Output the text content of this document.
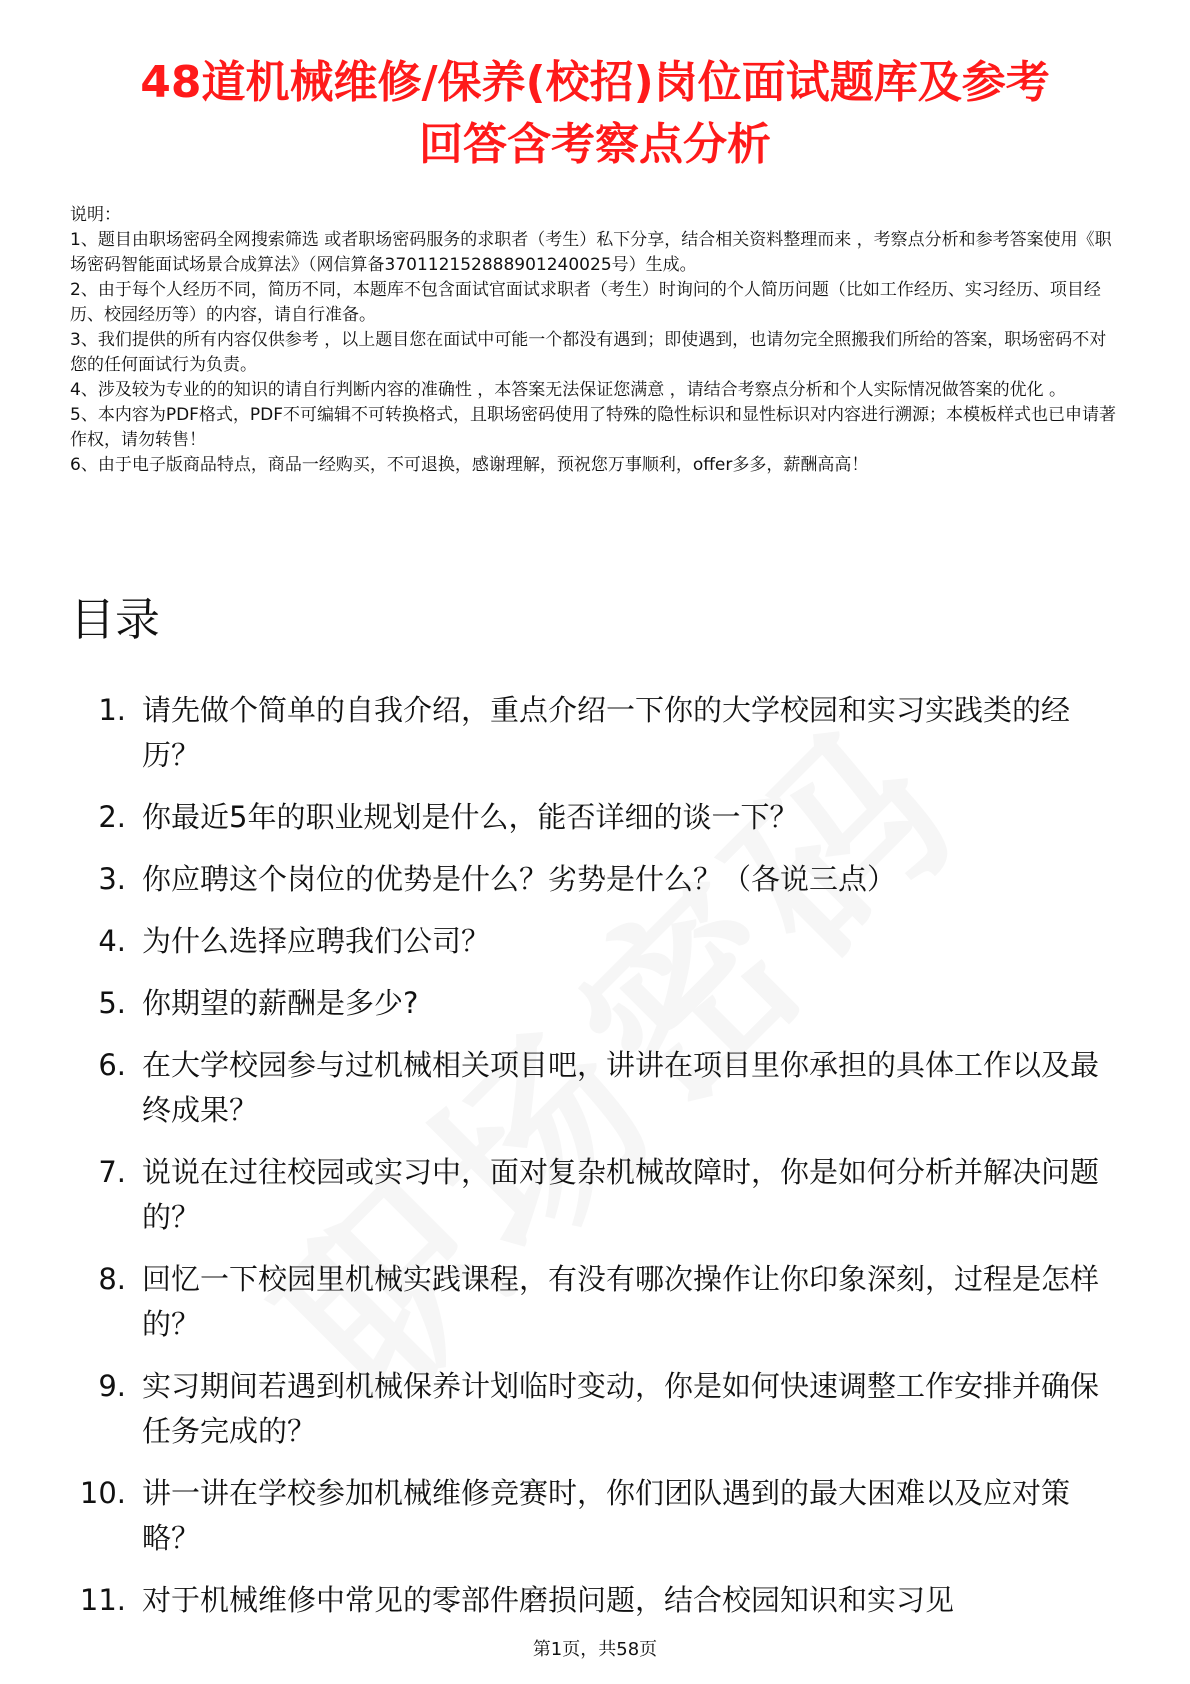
48道机械维修/保养(校招)岗位面试题库及参考
回答含考察点分析

说明：

1、题目由职场密码全网搜索筛选 或者职场密码服务的求职者（考生）私下分享，结合相关资料整理而来 ，考察点分析和参考答案使用《职场密码智能面试场景合成算法》（网信算备370112152888901240025号）生成。

2、由于每个人经历不同，简历不同，本题库不包含面试官面试求职者（考生）时询问的个人简历问题（比如工作经历、实习经历、项目经历、校园经历等）的内容，请自行准备。

3、我们提供的所有内容仅供参考 ，以上题目您在面试中可能一个都没有遇到；即使遇到，也请勿完全照搬我们所给的答案，职场密码不对您的任何面试行为负责。

4、涉及较为专业的的知识的请自行判断内容的准确性 ，本答案无法保证您满意 ，请结合考察点分析和个人实际情况做答案的优化 。

5、本内容为PDF格式，PDF不可编辑不可转换格式，且职场密码使用了特殊的隐性标识和显性标识对内容进行溯源；本模板样式也已申请著作权，请勿转售！

6、由于电子版商品特点，商品一经购买，不可退换，感谢理解，预祝您万事顺利，offer多多，薪酬高高！

目录
1. 请先做个简单的自我介绍，重点介绍一下你的大学校园和实习实践类的经历？
2. 你最近5年的职业规划是什么，能否详细的谈一下？
3. 你应聘这个岗位的优势是什么？劣势是什么？（各说三点）
4. 为什么选择应聘我们公司？
5. 你期望的薪酬是多少?
6. 在大学校园参与过机械相关项目吧，讲讲在项目里你承担的具体工作以及最终成果？
7. 说说在过往校园或实习中，面对复杂机械故障时，你是如何分析并解决问题的？
8. 回忆一下校园里机械实践课程，有没有哪次操作让你印象深刻，过程是怎样的？
9. 实习期间若遇到机械保养计划临时变动，你是如何快速调整工作安排并确保任务完成的？
10. 讲一讲在学校参加机械维修竞赛时，你们团队遇到的最大困难以及应对策略？
11. 对于机械维修中常见的零部件磨损问题，结合校园知识和实习见
第1页，共58页
